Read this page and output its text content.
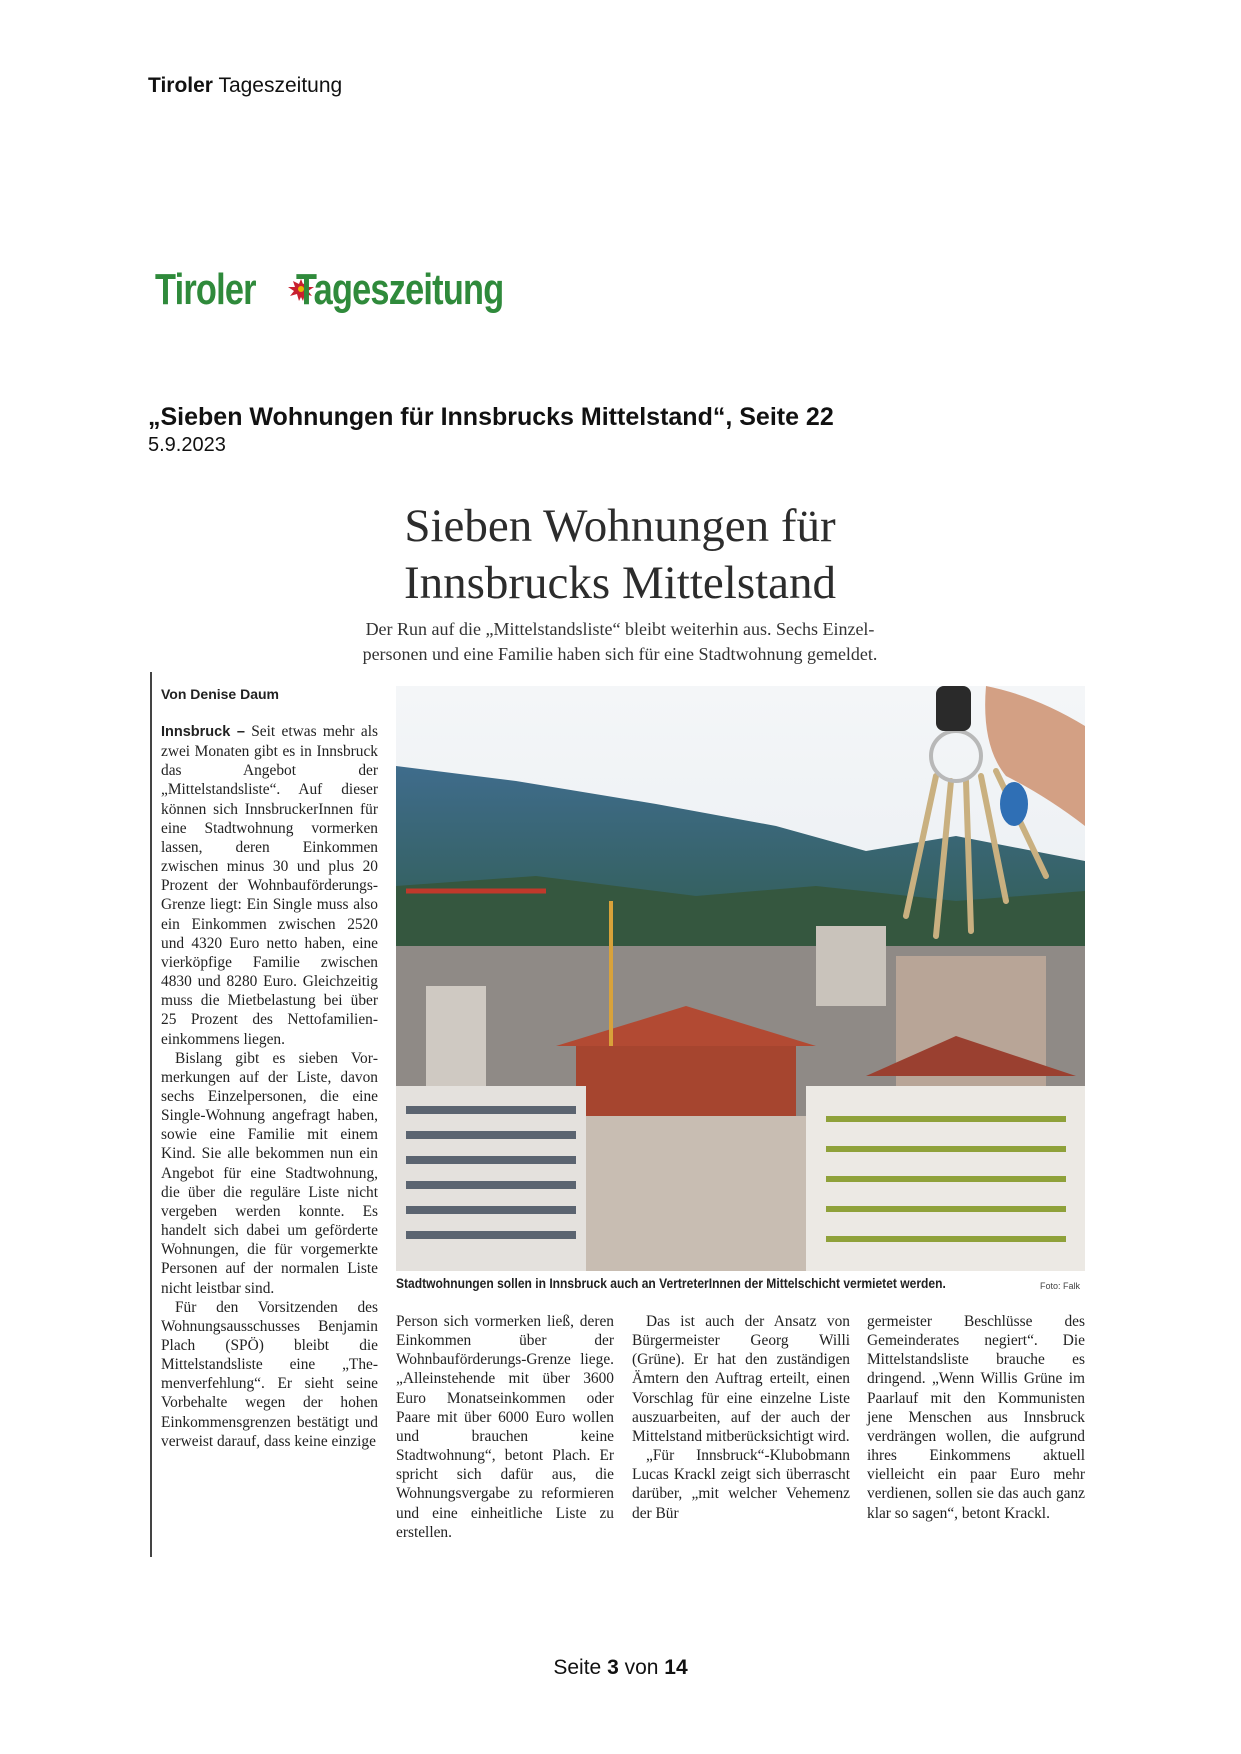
Tiroler Tageszeitung
Tiroler Tageszeitung
„Sieben Wohnungen für Innsbrucks Mittelstand“, Seite 22
5.9.2023
Sieben Wohnungen für
Innsbrucks Mittelstand
Der Run auf die „Mittelstandsliste“ bleibt weiterhin aus. Sechs Einzel-
personen und eine Familie haben sich für eine Stadtwohnung gemeldet.
Von Denise Daum

Innsbruck – Seit etwas mehr als zwei Monaten gibt es in Innsbruck das Angebot der „Mittelstandsliste“. Auf dieser können sich InnsbruckerInnen für eine Stadtwohnung vormerken lassen, deren Einkommen zwischen minus 30 und plus 20 Prozent der Wohnbauförderungs-Grenze liegt: Ein Single muss also ein Einkommen zwischen 2520 und 4320 Euro netto haben, eine vierköpfige Familie zwischen 4830 und 8280 Euro. Gleichzeitig muss die Mietbelastung bei über 25 Prozent des Nettofamilieneinkommens liegen.

Bislang gibt es sieben Vormerkungen auf der Liste, davon sechs Einzelpersonen, die eine Single-Wohnung angefragt haben, sowie eine Familie mit einem Kind. Sie alle bekommen nun ein Angebot für eine Stadtwohnung, die über die reguläre Liste nicht vergeben werden konnte. Es handelt sich dabei um geförderte Wohnungen, die für vorgemerkte Personen auf der normalen Liste nicht leistbar sind.

Für den Vorsitzenden des Wohnungsausschusses Benjamin Plach (SPÖ) bleibt die Mittelstandsliste eine „Themenverfehlung“. Er sieht seine Vorbehalte wegen der hohen Einkommensgrenzen bestätigt und verweist darauf, dass keine einzige

Stadtwohnungen sollen in Innsbruck auch an VertreterInnen der Mittelschicht vermietet werden.	Foto: Falk

Person sich vormerken ließ, deren Einkommen über der Wohnbauförderungs-Grenze liege. „Alleinstehende mit über 3600 Euro Monatseinkommen oder Paare mit über 6000 Euro wollen und brauchen keine Stadtwohnung“, betont Plach. Er spricht sich dafür aus, die Wohnungsvergabe zu reformieren und eine einheitliche Liste zu erstellen.

Das ist auch der Ansatz von Bürgermeister Georg Willi (Grüne). Er hat den zuständigen Ämtern den Auftrag erteilt, einen Vorschlag für eine einzelne Liste auszuarbeiten, auf der auch der Mittelstand mitberücksichtigt wird.

„Für Innsbruck“-Klubobmann Lucas Krackl zeigt sich überrascht darüber, „mit welcher Vehemenz der Bür

germeister Beschlüsse des Gemeinderates negiert“. Die Mittelstandsliste brauche es dringend. „Wenn Willis Grüne im Paarlauf mit den Kommunisten jene Menschen aus Innsbruck verdrängen wollen, die aufgrund ihres Einkommens aktuell vielleicht ein paar Euro mehr verdienen, sollen sie das auch ganz klar so sagen“, betont Krackl.

Seite 3 von 14
